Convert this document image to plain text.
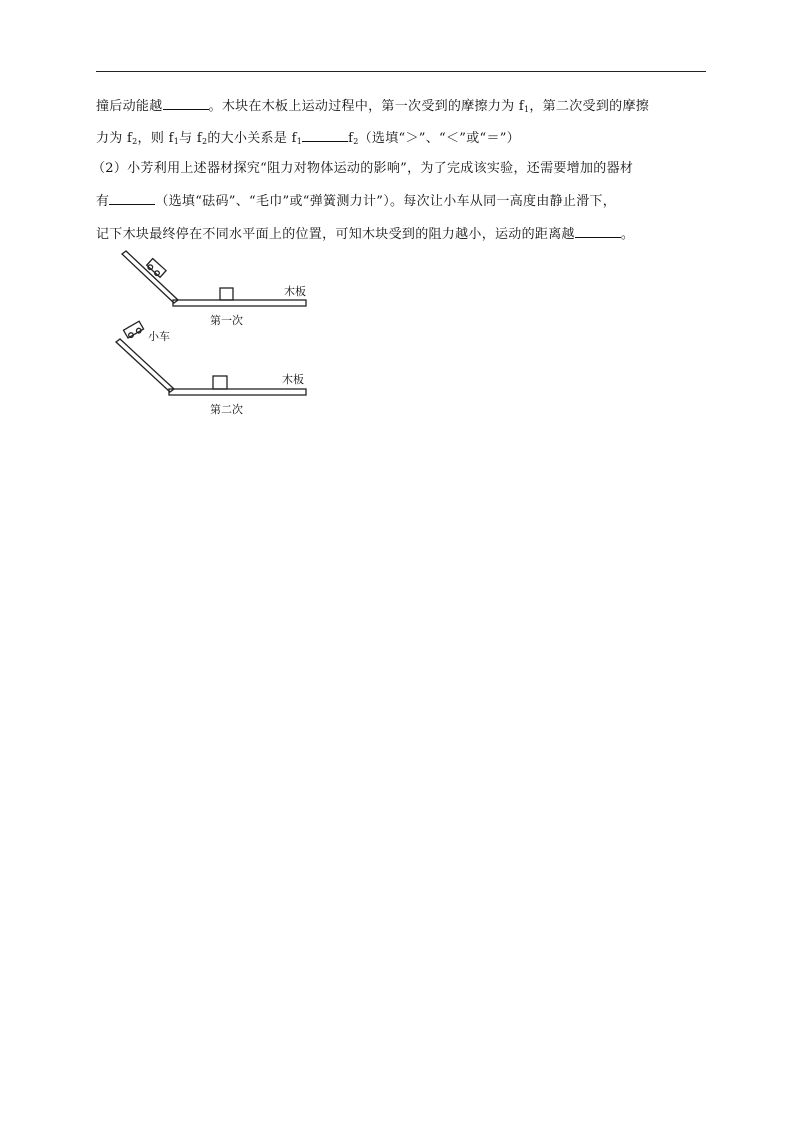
撞后动能越	。木块在木板上运动过程中，第一次受到的摩擦力为 $f_1$，第二次受到的摩擦
力为 $f_2$，则 $f_1$与 $f_2$的大小关系是 $f_1$	$f_2$（选填“＞”、“＜”或“＝”）
（2）小芳利用上述器材探究“阻力对物体运动的影响”，为了完成该实验，还需要增加的器材
有	（选填“砝码”、“毛巾”或“弹簧测力计”）。每次让小车从同一高度由静止滑下，
记下木块最终停在不同水平面上的位置，可知木块受到的阻力越小，运动的距离越	。
木板
第一次
小车
木板
第二次
